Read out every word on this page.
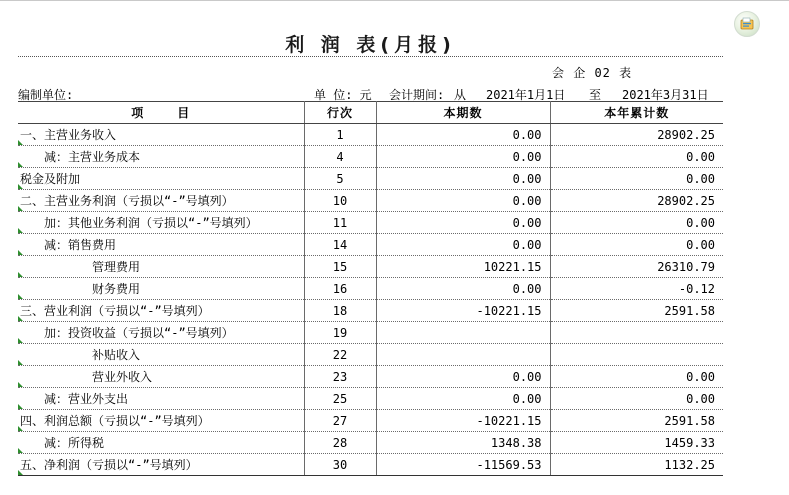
利 润 表(月报)
会 企 02 表
编制单位:	单 位: 元 会计期间: 从 2021年1月1日 至 2021年3月31日
项    目	行次	本期数	本年累计数

一、主营业务收入	1	0.00	28902.25

减：主营业务成本	4	0.00	0.00

税金及附加	5	0.00	0.00

二、主营业务利润（亏损以“-”号填列）	10	0.00	28902.25

加：其他业务利润（亏损以“-”号填列）	11	0.00	0.00

减：销售费用	14	0.00	0.00

管理费用	15	10221.15	26310.79

财务费用	16	0.00	-0.12

三、营业利润（亏损以“-”号填列）	18	-10221.15	2591.58

加：投资收益（亏损以“-”号填列）	19		

补贴收入	22		

营业外收入	23	0.00	0.00

减：营业外支出	25	0.00	0.00

四、利润总额（亏损以“-”号填列）	27	-10221.15	2591.58

减：所得税	28	1348.38	1459.33

五、净利润（亏损以“-”号填列）	30	-11569.53	1132.25
